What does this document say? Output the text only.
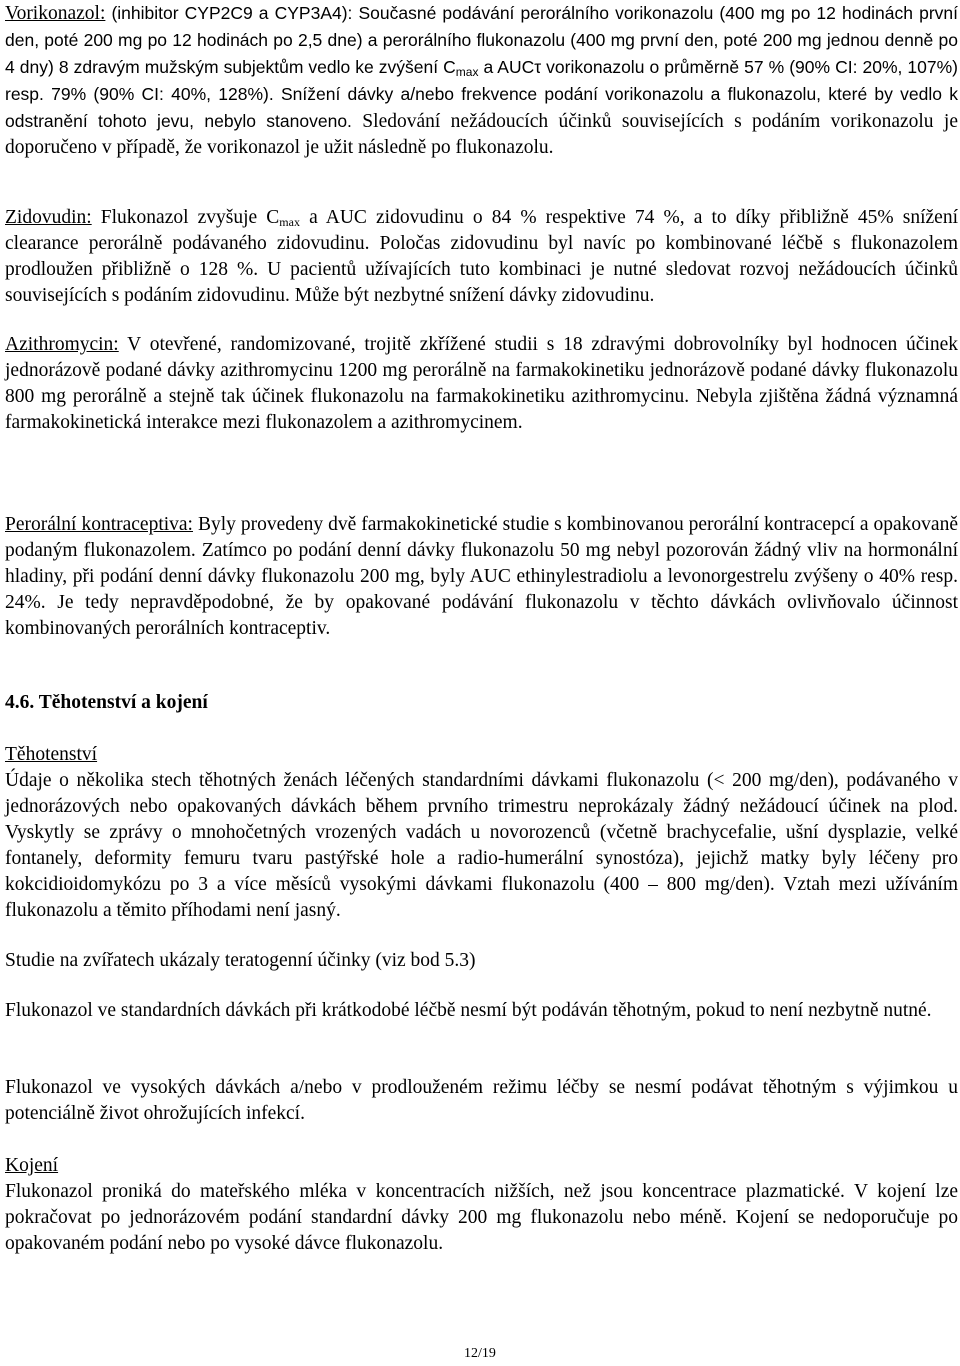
Vorikonazol: (inhibitor CYP2C9 a CYP3A4): Současné podávání perorálního vorikonazolu (400 mg po 12 hodinách první den, poté 200 mg po 12 hodinách po 2,5 dne) a perorálního flukonazolu (400 mg první den, poté 200 mg jednou denně po 4 dny) 8 zdravým mužským subjektům vedlo ke zvýšení $C_{max}$ a AUCτ vorikonazolu o průměrně 57 % (90% CI: 20%, 107%) resp. 79% (90% CI: 40%, 128%). Snížení dávky a/nebo frekvence podání vorikonazolu a flukonazolu, které by vedlo k odstranění tohoto jevu, nebylo stanoveno. Sledování nežádoucích účinků souvisejících s podáním vorikonazolu je doporučeno v případě, že vorikonazol je užit následně po flukonazolu.

Zidovudin: Flukonazol zvyšuje $C_{max}$ a AUC zidovudinu o 84 % respektive 74 %, a to díky přibližně 45% snížení clearance perorálně podávaného zidovudinu. Poločas zidovudinu byl navíc po kombinované léčbě s flukonazolem prodloužen přibližně o 128 %. U pacientů užívajících tuto kombinaci je nutné sledovat rozvoj nežádoucích účinků souvisejících s podáním zidovudinu. Může být nezbytné snížení dávky zidovudinu.

Azithromycin: V otevřené, randomizované, trojitě zkřížené studii s 18 zdravými dobrovolníky byl hodnocen účinek jednorázově podané dávky azithromycinu 1200 mg perorálně na farmakokinetiku jednorázově podané dávky flukonazolu 800 mg perorálně a stejně tak účinek flukonazolu na farmakokinetiku azithromycinu. Nebyla zjištěna žádná významná farmakokinetická interakce mezi flukonazolem a azithromycinem.

Perorální kontraceptiva: Byly provedeny dvě farmakokinetické studie s kombinovanou perorální kontracepcí a opakovaně podaným flukonazolem. Zatímco po podání denní dávky flukonazolu 50 mg nebyl pozorován žádný vliv na hormonální hladiny, při podání denní dávky flukonazolu 200 mg, byly AUC ethinylestradiolu a levonorgestrelu zvýšeny o 40% resp. 24%. Je tedy nepravděpodobné, že by opakované podávání flukonazolu v těchto dávkách ovlivňovalo účinnost kombinovaných perorálních kontraceptiv.

4.6. Těhotenství a kojení

Těhotenství

Údaje o několika stech těhotných ženách léčených standardními dávkami flukonazolu (< 200 mg/den), podávaného v jednorázových nebo opakovaných dávkách během prvního trimestru neprokázaly žádný nežádoucí účinek na plod. Vyskytly se zprávy o mnohočetných vrozených vadách u novorozenců (včetně brachycefalie, ušní dysplazie, velké fontanely, deformity femuru tvaru pastýřské hole a radio-humerální synostóza), jejichž matky byly léčeny pro kokcidioidomykózu po 3 a více měsíců vysokými dávkami flukonazolu (400 – 800 mg/den). Vztah mezi užíváním flukonazolu a těmito příhodami není jasný.

Studie na zvířatech ukázaly teratogenní účinky (viz bod 5.3)

Flukonazol ve standardních dávkách při krátkodobé léčbě nesmí být podáván těhotným, pokud to není nezbytně nutné.

Flukonazol ve vysokých dávkách a/nebo v prodlouženém režimu léčby se nesmí podávat těhotným s výjimkou u potenciálně život ohrožujících infekcí.

Kojení

Flukonazol proniká do mateřského mléka v koncentracích nižších, než jsou koncentrace plazmatické. V kojení lze pokračovat po jednorázovém podání standardní dávky 200 mg flukonazolu nebo méně. Kojení se nedoporučuje po opakovaném podání nebo po vysoké dávce flukonazolu.

12/19
